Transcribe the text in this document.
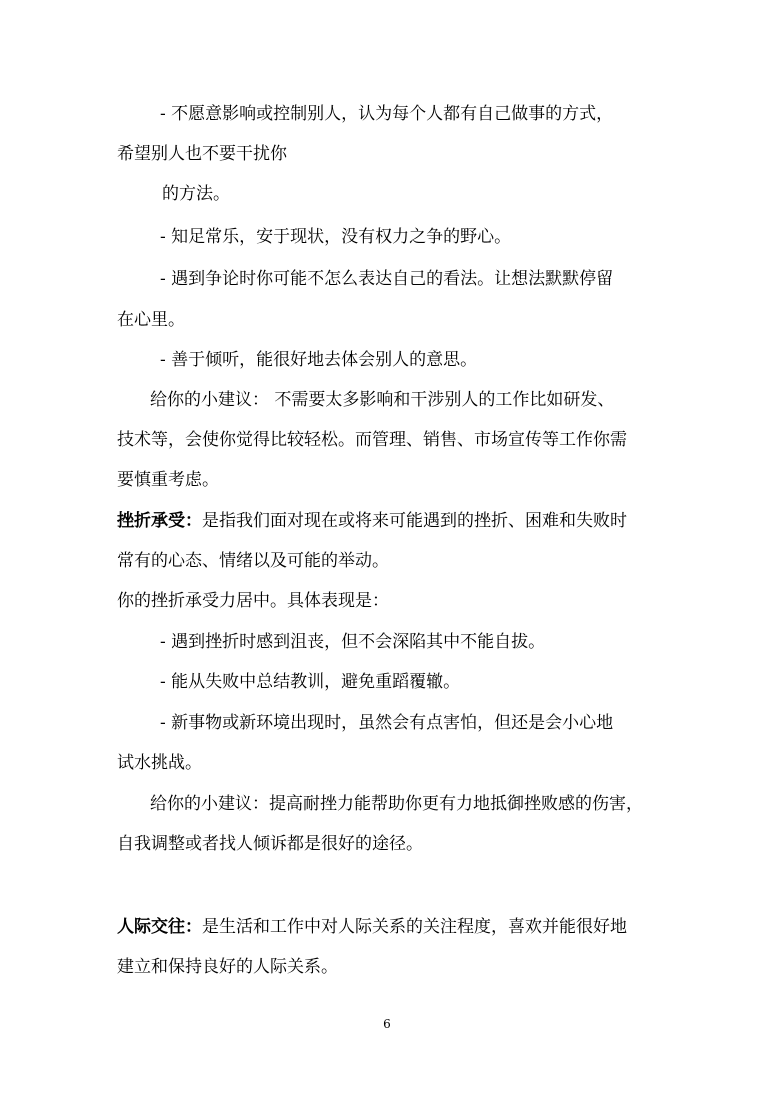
- 不愿意影响或控制别人，认为每个人都有自己做事的方式，
希望别人也不要干扰你
的方法。
- 知足常乐，安于现状，没有权力之争的野心。
- 遇到争论时你可能不怎么表达自己的看法。让想法默默停留
在心里。
- 善于倾听，能很好地去体会别人的意思。
给你的小建议： 不需要太多影响和干涉别人的工作比如研发、
技术等，会使你觉得比较轻松。而管理、销售、市场宣传等工作你需
要慎重考虑。
挫折承受：是指我们面对现在或将来可能遇到的挫折、困难和失败时
常有的心态、情绪以及可能的举动。
你的挫折承受力居中。具体表现是：
- 遇到挫折时感到沮丧，但不会深陷其中不能自拔。
- 能从失败中总结教训，避免重蹈覆辙。
- 新事物或新环境出现时，虽然会有点害怕，但还是会小心地
试水挑战。
给你的小建议：提高耐挫力能帮助你更有力地抵御挫败感的伤害，
自我调整或者找人倾诉都是很好的途径。
人际交往：是生活和工作中对人际关系的关注程度，喜欢并能很好地
建立和保持良好的人际关系。
6
